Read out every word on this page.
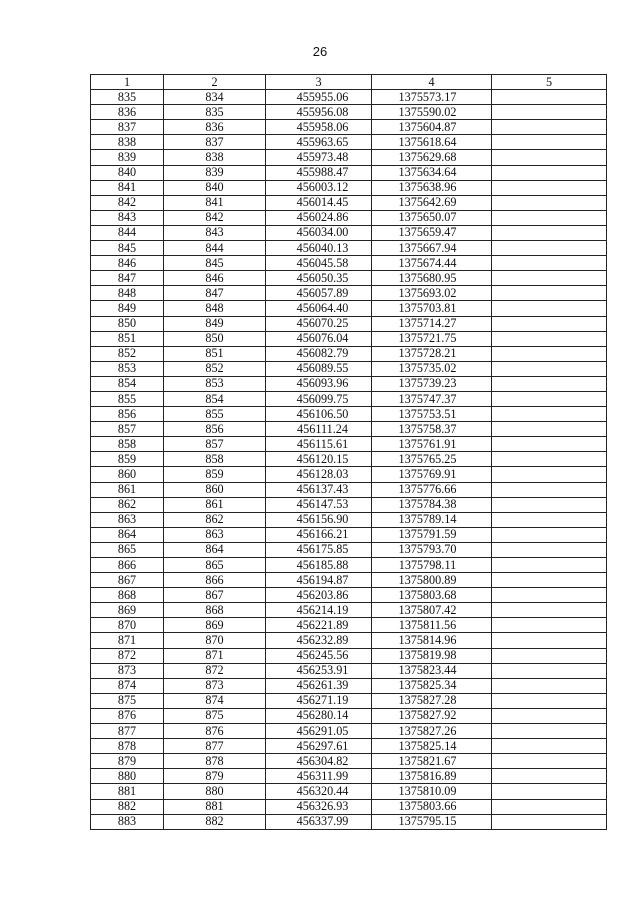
26
1	2	3	4	5
835	834	455955.06	1375573.17	
836	835	455956.08	1375590.02	
837	836	455958.06	1375604.87	
838	837	455963.65	1375618.64	
839	838	455973.48	1375629.68	
840	839	455988.47	1375634.64	
841	840	456003.12	1375638.96	
842	841	456014.45	1375642.69	
843	842	456024.86	1375650.07	
844	843	456034.00	1375659.47	
845	844	456040.13	1375667.94	
846	845	456045.58	1375674.44	
847	846	456050.35	1375680.95	
848	847	456057.89	1375693.02	
849	848	456064.40	1375703.81	
850	849	456070.25	1375714.27	
851	850	456076.04	1375721.75	
852	851	456082.79	1375728.21	
853	852	456089.55	1375735.02	
854	853	456093.96	1375739.23	
855	854	456099.75	1375747.37	
856	855	456106.50	1375753.51	
857	856	456111.24	1375758.37	
858	857	456115.61	1375761.91	
859	858	456120.15	1375765.25	
860	859	456128.03	1375769.91	
861	860	456137.43	1375776.66	
862	861	456147.53	1375784.38	
863	862	456156.90	1375789.14	
864	863	456166.21	1375791.59	
865	864	456175.85	1375793.70	
866	865	456185.88	1375798.11	
867	866	456194.87	1375800.89	
868	867	456203.86	1375803.68	
869	868	456214.19	1375807.42	
870	869	456221.89	1375811.56	
871	870	456232.89	1375814.96	
872	871	456245.56	1375819.98	
873	872	456253.91	1375823.44	
874	873	456261.39	1375825.34	
875	874	456271.19	1375827.28	
876	875	456280.14	1375827.92	
877	876	456291.05	1375827.26	
878	877	456297.61	1375825.14	
879	878	456304.82	1375821.67	
880	879	456311.99	1375816.89	
881	880	456320.44	1375810.09	
882	881	456326.93	1375803.66	
883	882	456337.99	1375795.15	
